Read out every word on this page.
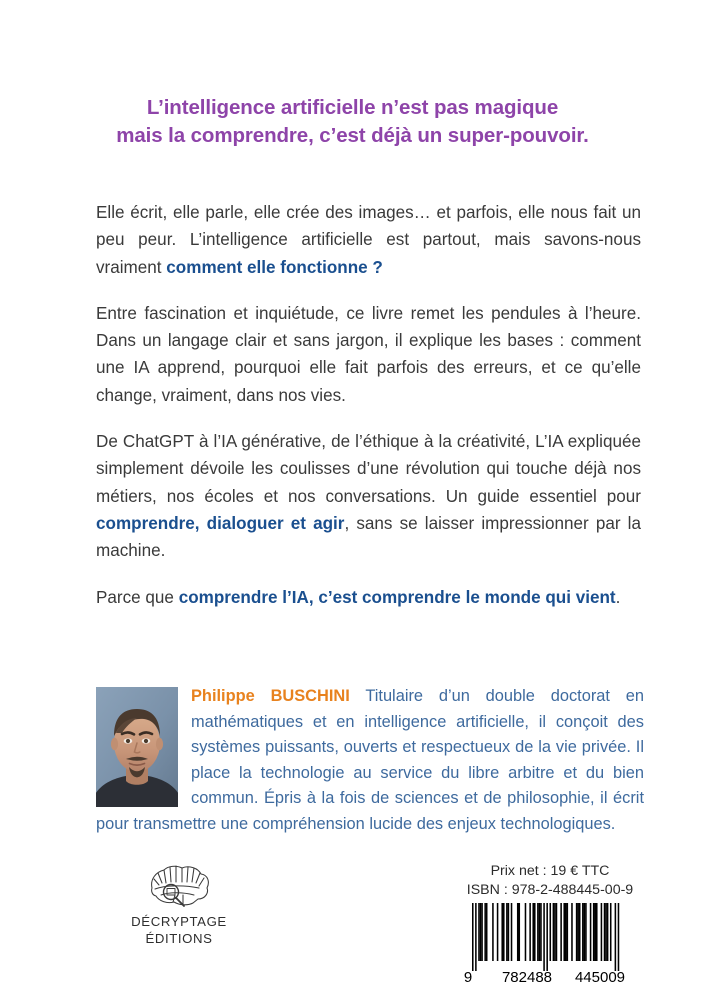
L’intelligence artificielle n’est pas magique
mais la comprendre, c’est déjà un super-pouvoir.

Elle écrit, elle parle, elle crée des images… et parfois, elle nous fait un peu peur. L’intelligence artificielle est partout, mais savons-nous vraiment comment elle fonctionne ?

Entre fascination et inquiétude, ce livre remet les pendules à l’heure. Dans un langage clair et sans jargon, il explique les bases : comment une IA apprend, pourquoi elle fait parfois des erreurs, et ce qu’elle change, vraiment, dans nos vies.

De ChatGPT à l’IA générative, de l’éthique à la créativité, L’IA expliquée simplement dévoile les coulisses d’une révolution qui touche déjà nos métiers, nos écoles et nos conversations. Un guide essentiel pour comprendre, dialoguer et agir, sans se laisser impressionner par la machine.

Parce que comprendre l’IA, c’est comprendre le monde qui vient.

Philippe BUSCHINI Titulaire d’un double doctorat en mathématiques et en intelligence artificielle, il conçoit des systèmes puissants, ouverts et respectueux de la vie privée. Il place la technologie au service du libre arbitre et du bien commun. Épris à la fois de sciences et de philosophie, il écrit pour transmettre une compréhension lucide des enjeux technologiques.
DÉCRYPTAGE
ÉDITIONS
Prix net : 19 € TTC
ISBN : 978-2-488445-00-9
9 782488 445009
